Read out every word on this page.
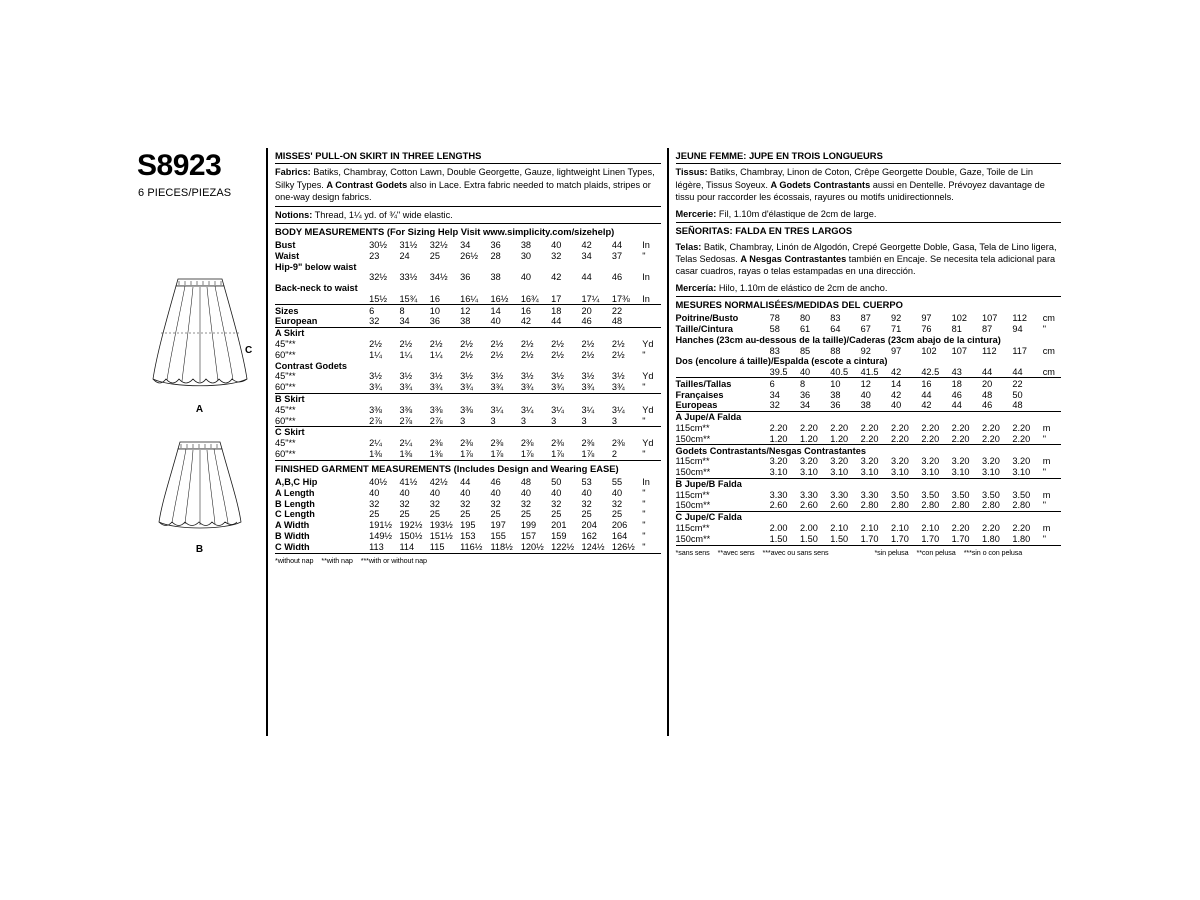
S8923
6 PIECES/PIEZAS
A
C
B
MISSES' PULL-ON SKIRT IN THREE LENGTHS
Fabrics: Batiks, Chambray, Cotton Lawn, Double Georgette, Gauze, lightweight Linen Types, Silky Types. A Contrast Godets also in Lace. Extra fabric needed to match plaids, stripes or one-way design fabrics.
Notions: Thread, 1¼ yd. of ¾" wide elastic.
BODY MEASUREMENTS (For Sizing Help Visit www.simplicity.com/sizehelp)
Bust	30½	31½	32½	34	36	38	40	42	44	In
Waist	23	24	25	26½	28	30	32	34	37	"
Hip-9" below waist										
	32½	33½	34½	36	38	40	42	44	46	In
Back-neck to waist										
	15½	15¾	16	16¼	16½	16¾	17	17¼	17⅜	In
Sizes	6	8	10	12	14	16	18	20	22	
European	32	34	36	38	40	42	44	46	48	
A Skirt										
45"**	2½	2½	2½	2½	2½	2½	2½	2½	2½	Yd
60"**	1¼	1¼	1¼	2½	2½	2½	2½	2½	2½	"
Contrast Godets										
45"**	3½	3½	3½	3½	3½	3½	3½	3½	3½	Yd
60"**	3¾	3¾	3¾	3¾	3¾	3¾	3¾	3¾	3¾	"
B Skirt										
45"**	3⅜	3⅜	3⅜	3⅜	3¼	3¼	3¼	3¼	3¼	Yd
60"**	2⅞	2⅞	2⅞	3	3	3	3	3	3	"
C Skirt										
45"**	2¼	2¼	2⅜	2⅜	2⅜	2⅜	2⅜	2⅜	2⅜	Yd
60"**	1⅜	1⅜	1⅜	1⅞	1⅞	1⅞	1⅞	1⅞	2	"
FINISHED GARMENT MEASUREMENTS (Includes Design and Wearing EASE)
A,B,C Hip	40½	41½	42½	44	46	48	50	53	55	In
A Length	40	40	40	40	40	40	40	40	40	"
B Length	32	32	32	32	32	32	32	32	32	"
C Length	25	25	25	25	25	25	25	25	25	"
A Width	191½	192½	193½	195	197	199	201	204	206	"
B Width	149½	150½	151½	153	155	157	159	162	164	"
C Width	113	114	115	116½	118½	120½	122½	124½	126½	"
*without nap **with nap ***with or without nap
JEUNE FEMME: JUPE EN TROIS LONGUEURS
Tissus: Batiks, Chambray, Linon de Coton, Crêpe Georgette Double, Gaze, Toile de Lin légère, Tissus Soyeux. A Godets Contrastants aussi en Dentelle. Prévoyez davantage de tissu pour raccorder les écossais, rayures ou motifs unidirectionnels.
Mercerie: Fil, 1.10m d'élastique de 2cm de large.
SEÑORITAS: FALDA EN TRES LARGOS
Telas: Batik, Chambray, Linón de Algodón, Crepé Georgette Doble, Gasa, Tela de Lino ligera, Telas Sedosas. A Nesgas Contrastantes también en Encaje. Se necesita tela adicional para casar cuadros, rayas o telas estampadas en una dirección.
Mercería: Hilo, 1.10m de elástico de 2cm de ancho.
MESURES NORMALISÉES/MEDIDAS DEL CUERPO
Poitrine/Busto	78	80	83	87	92	97	102	107	112	cm
Taille/Cintura	58	61	64	67	71	76	81	87	94	"
Hanches (23cm au-dessous de la taille)/Caderas (23cm abajo de la cintura)										
	83	85	88	92	97	102	107	112	117	cm
Dos (encolure á taille)/Espalda (escote a cintura)										
	39.5	40	40.5	41.5	42	42.5	43	44	44	cm
Tailles/Tallas	6	8	10	12	14	16	18	20	22	
Françaises	34	36	38	40	42	44	46	48	50	
Europeas	32	34	36	38	40	42	44	46	48	
A Jupe/A Falda										
115cm**	2.20	2.20	2.20	2.20	2.20	2.20	2.20	2.20	2.20	m
150cm**	1.20	1.20	1.20	2.20	2.20	2.20	2.20	2.20	2.20	"
Godets Contrastants/Nesgas Contrastantes										
115cm**	3.20	3.20	3.20	3.20	3.20	3.20	3.20	3.20	3.20	m
150cm**	3.10	3.10	3.10	3.10	3.10	3.10	3.10	3.10	3.10	"
B Jupe/B Falda										
115cm**	3.30	3.30	3.30	3.30	3.50	3.50	3.50	3.50	3.50	m
150cm**	2.60	2.60	2.60	2.80	2.80	2.80	2.80	2.80	2.80	"
C Jupe/C Falda										
115cm**	2.00	2.00	2.10	2.10	2.10	2.10	2.20	2.20	2.20	m
150cm**	1.50	1.50	1.50	1.70	1.70	1.70	1.70	1.80	1.80	"
*sans sens **avec sens ***avec ou sans sens	*sin pelusa **con pelusa ***sin o con pelusa
